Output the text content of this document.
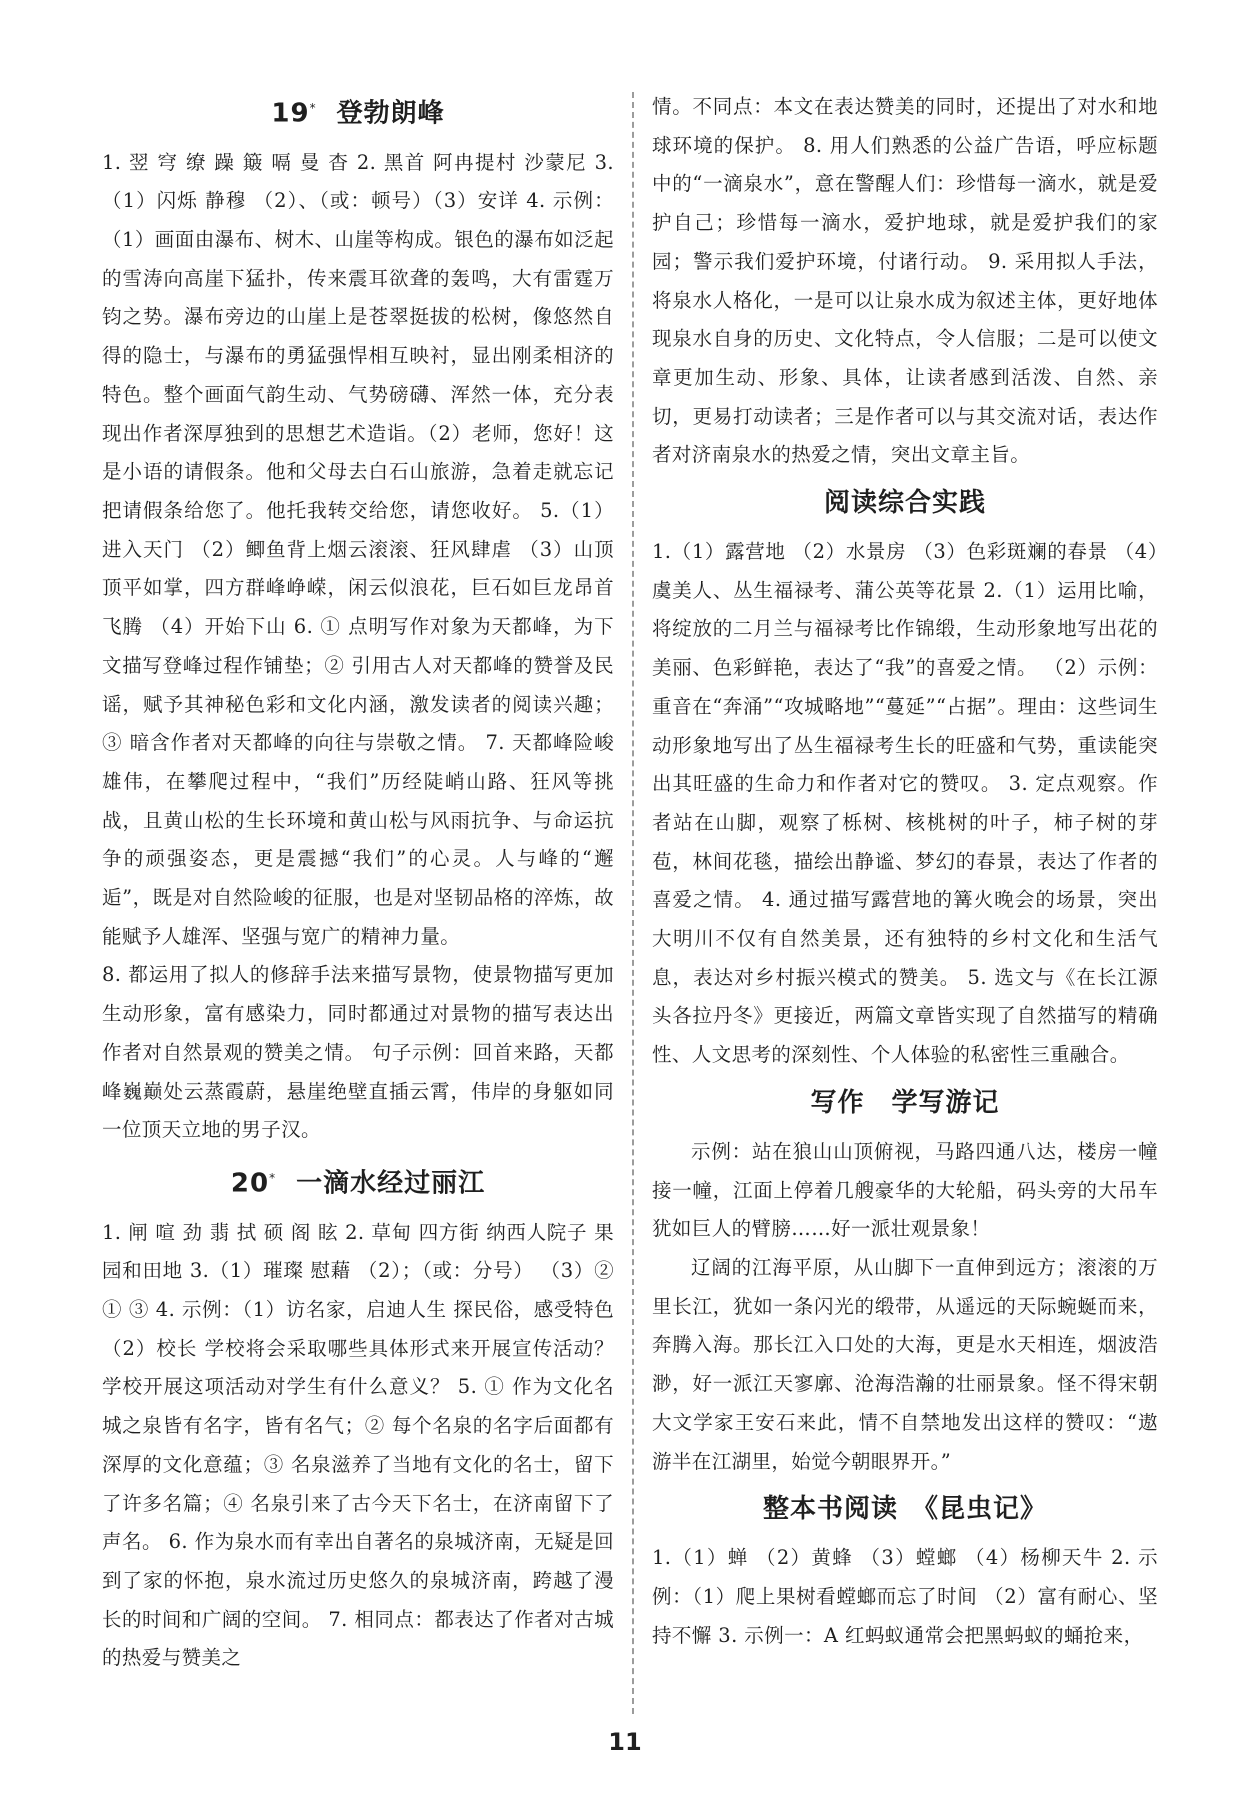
19* 登勃朗峰

1. 翌 穹 缭 躁 簸 嗝 曼 杳 2. 黑首 阿冉提村 沙蒙尼 3.（1）闪烁 静穆 （2）、（或：顿号）（3）安详 4. 示例：（1）画面由瀑布、树木、山崖等构成。银色的瀑布如泛起的雪涛向高崖下猛扑，传来震耳欲聋的轰鸣，大有雷霆万钧之势。瀑布旁边的山崖上是苍翠挺拔的松树，像悠然自得的隐士，与瀑布的勇猛强悍相互映衬，显出刚柔相济的特色。整个画面气韵生动、气势磅礴、浑然一体，充分表现出作者深厚独到的思想艺术造诣。（2）老师，您好！这是小语的请假条。他和父母去白石山旅游，急着走就忘记把请假条给您了。他托我转交给您，请您收好。 5.（1）进入天门 （2）鲫鱼背上烟云滚滚、狂风肆虐 （3）山顶顶平如掌，四方群峰峥嵘，闲云似浪花，巨石如巨龙昂首飞腾 （4）开始下山 6. ① 点明写作对象为天都峰，为下文描写登峰过程作铺垫；② 引用古人对天都峰的赞誉及民谣，赋予其神秘色彩和文化内涵，激发读者的阅读兴趣；③ 暗含作者对天都峰的向往与崇敬之情。 7. 天都峰险峻雄伟，在攀爬过程中，“我们”历经陡峭山路、狂风等挑战，且黄山松的生长环境和黄山松与风雨抗争、与命运抗争的顽强姿态，更是震撼“我们”的心灵。人与峰的“邂逅”，既是对自然险峻的征服，也是对坚韧品格的淬炼，故能赋予人雄浑、坚强与宽广的精神力量。

8. 都运用了拟人的修辞手法来描写景物，使景物描写更加生动形象，富有感染力，同时都通过对景物的描写表达出作者对自然景观的赞美之情。 句子示例：回首来路，天都峰巍巅处云蒸霞蔚，悬崖绝壁直插云霄，伟岸的身躯如同一位顶天立地的男子汉。

20* 一滴水经过丽江

1. 闸 喧 劲 翡 拭 硕 阁 眩 2. 草甸 四方街 纳西人院子 果园和田地 3.（1）璀璨 慰藉 （2）；（或：分号） （3）② ① ③ 4. 示例：（1）访名家，启迪人生 探民俗，感受特色 （2）校长 学校将会采取哪些具体形式来开展宣传活动？ 学校开展这项活动对学生有什么意义？ 5. ① 作为文化名城之泉皆有名字，皆有名气；② 每个名泉的名字后面都有深厚的文化意蕴；③ 名泉滋养了当地有文化的名士，留下了许多名篇；④ 名泉引来了古今天下名士，在济南留下了声名。 6. 作为泉水而有幸出自著名的泉城济南，无疑是回到了家的怀抱，泉水流过历史悠久的泉城济南，跨越了漫长的时间和广阔的空间。 7. 相同点：都表达了作者对古城的热爱与赞美之

情。不同点：本文在表达赞美的同时，还提出了对水和地球环境的保护。 8. 用人们熟悉的公益广告语，呼应标题中的“一滴泉水”，意在警醒人们：珍惜每一滴水，就是爱护自己；珍惜每一滴水，爱护地球，就是爱护我们的家园；警示我们爱护环境，付诸行动。 9. 采用拟人手法，将泉水人格化，一是可以让泉水成为叙述主体，更好地体现泉水自身的历史、文化特点，令人信服；二是可以使文章更加生动、形象、具体，让读者感到活泼、自然、亲切，更易打动读者；三是作者可以与其交流对话，表达作者对济南泉水的热爱之情，突出文章主旨。

阅读综合实践

1.（1）露营地 （2）水景房 （3）色彩斑斓的春景 （4）虞美人、丛生福禄考、蒲公英等花景 2.（1）运用比喻，将绽放的二月兰与福禄考比作锦缎，生动形象地写出花的美丽、色彩鲜艳，表达了“我”的喜爱之情。 （2）示例：重音在“奔涌”“攻城略地”“蔓延”“占据”。理由：这些词生动形象地写出了丛生福禄考生长的旺盛和气势，重读能突出其旺盛的生命力和作者对它的赞叹。 3. 定点观察。作者站在山脚，观察了栎树、核桃树的叶子，柿子树的芽苞，林间花毯，描绘出静谧、梦幻的春景，表达了作者的喜爱之情。 4. 通过描写露营地的篝火晚会的场景，突出大明川不仅有自然美景，还有独特的乡村文化和生活气息，表达对乡村振兴模式的赞美。 5. 选文与《在长江源头各拉丹冬》更接近，两篇文章皆实现了自然描写的精确性、人文思考的深刻性、个人体验的私密性三重融合。

写作　学写游记

示例：站在狼山山顶俯视，马路四通八达，楼房一幢接一幢，江面上停着几艘豪华的大轮船，码头旁的大吊车犹如巨人的臂膀……好一派壮观景象！

辽阔的江海平原，从山脚下一直伸到远方；滚滚的万里长江，犹如一条闪光的缎带，从遥远的天际蜿蜒而来，奔腾入海。那长江入口处的大海，更是水天相连，烟波浩渺，好一派江天寥廓、沧海浩瀚的壮丽景象。怪不得宋朝大文学家王安石来此，情不自禁地发出这样的赞叹：“遨游半在江湖里，始觉今朝眼界开。”

整本书阅读　《昆虫记》

1.（1）蝉 （2）黄蜂 （3）螳螂 （4）杨柳天牛 2. 示例：（1）爬上果树看螳螂而忘了时间 （2）富有耐心、坚持不懈 3. 示例一：A 红蚂蚁通常会把黑蚂蚁的蛹抢来，

11
